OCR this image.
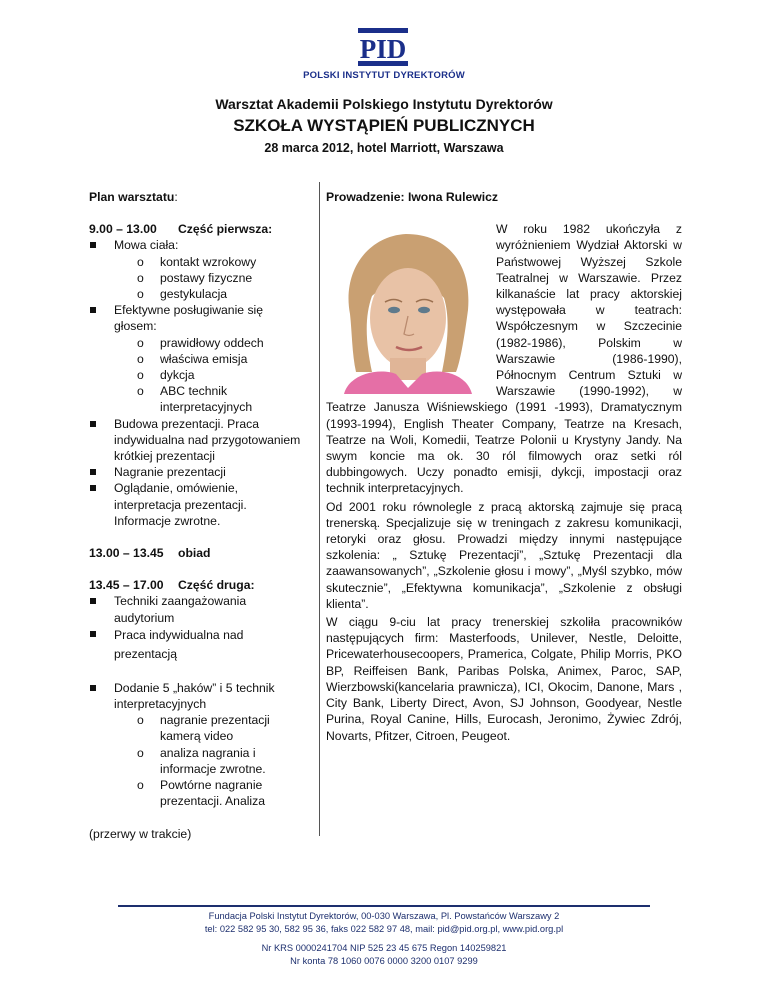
PID
POLSKI INSTYTUT DYREKTORÓW
Warsztat Akademii Polskiego Instytutu Dyrektorów
SZKOŁA WYSTĄPIEŃ PUBLICZNYCH
28 marca 2012, hotel Marriott, Warszawa

Plan warsztatu:

9.00 – 13.00 Część pierwsza:

Mowa ciała:

o kontakt wzrokowy

o postawy fizyczne

o gestykulacja

Efektywne posługiwanie się głosem:

o prawidłowy oddech

o właściwa emisja

o dykcja

o ABC technik interpretacyjnych

Budowa prezentacji. Praca indywidualna nad przygotowaniem krótkiej prezentacji

Nagranie prezentacji

Oglądanie, omówienie, interpretacja prezentacji. Informacje zwrotne.

13.00 – 13.45 obiad

13.45 – 17.00 Część druga:

Techniki zaangażowania audytorium

Praca indywidualna nad prezentacją

Dodanie 5 „haków” i 5 technik interpretacyjnych

o nagranie prezentacji kamerą video

o analiza nagrania i informacje zwrotne.

o Powtórne nagranie prezentacji. Analiza

(przerwy w trakcie)

Prowadzenie: Iwona Rulewicz

W roku 1982 ukończyła z wyróżnieniem Wydział Aktorski w Państwowej Wyższej Szkole Teatralnej w Warszawie. Przez kilkanaście lat pracy aktorskiej występowała w teatrach: Współczesnym w Szczecinie (1982-1986), Polskim w Warszawie (1986-1990), Północnym Centrum Sztuki w Warszawie (1990-1992), w Teatrze Janusza Wiśniewskiego (1991 -1993), Dramatycznym (1993-1994), English Theater Company, Teatrze na Kresach, Teatrze na Woli, Komedii, Teatrze Polonii u Krystyny Jandy. Na swym koncie ma ok. 30 ról filmowych oraz setki ról dubbingowych. Uczy ponadto emisji, dykcji, impostacji oraz technik interpretacyjnych.

Od 2001 roku równolegle z pracą aktorską zajmuje się pracą trenerską. Specjalizuje się w treningach z zakresu komunikacji, retoryki oraz głosu. Prowadzi między innymi następujące szkolenia: „ Sztukę Prezentacji”, „Sztukę Prezentacji dla zaawansowanych”, „Szkolenie głosu i mowy”, „Myśl szybko, mów skutecznie”, „Efektywna komunikacja”, „Szkolenie z obsługi klienta”.

W ciągu 9-ciu lat pracy trenerskiej szkoliła pracowników następujących firm: Masterfoods, Unilever, Nestle, Deloitte, Pricewaterhousecoopers, Pramerica, Colgate, Philip Morris, PKO BP, Reiffeisen Bank, Paribas Polska, Animex, Paroc, SAP, Wierzbowski(kancelaria prawnicza), ICI, Okocim, Danone, Mars , City Bank, Liberty Direct, Avon, SJ Johnson, Goodyear, Nestle Purina, Royal Canine, Hills, Eurocash, Jeronimo, Żywiec Zdrój, Novarts, Pfitzer, Citroen, Peugeot.

Fundacja Polski Instytut Dyrektorów, 00-030 Warszawa, Pl. Powstańców Warszawy 2
tel: 022 582 95 30, 582 95 36, faks 022 582 97 48, mail: pid@pid.org.pl, www.pid.org.pl
Nr KRS 0000241704 NIP 525 23 45 675 Regon 140259821
Nr konta 78 1060 0076 0000 3200 0107 9299
